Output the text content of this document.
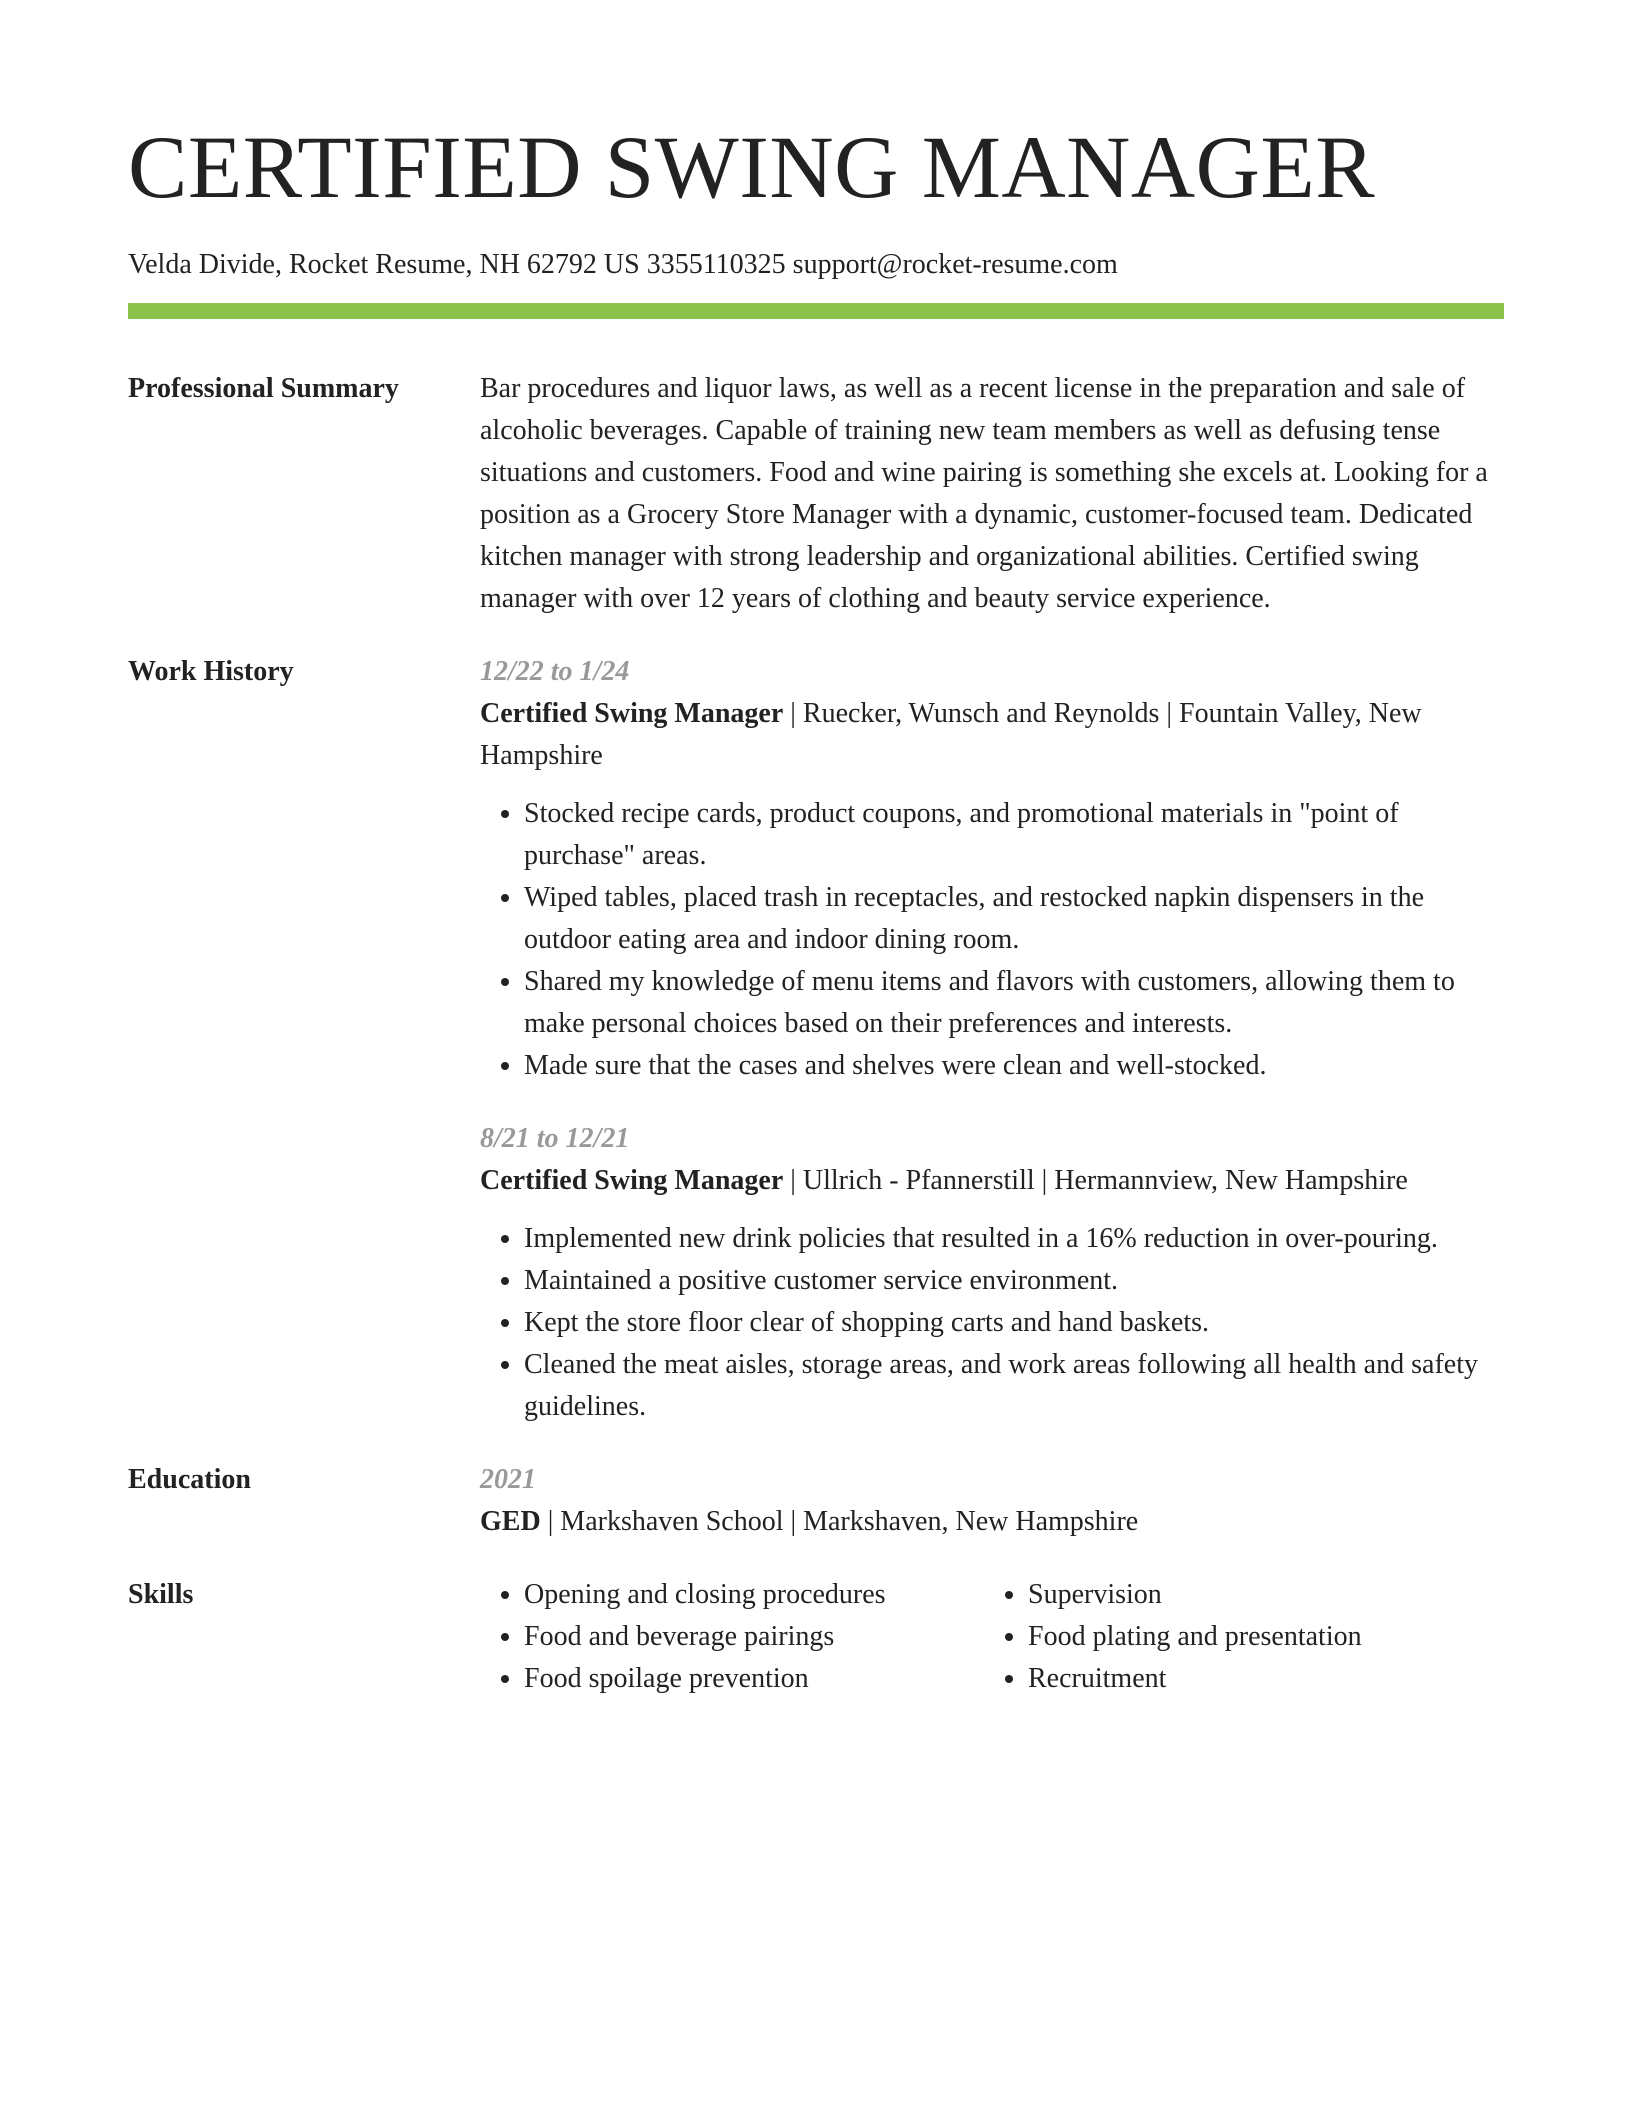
CERTIFIED SWING MANAGER
Velda Divide, Rocket Resume, NH 62792 US 3355110325 support@rocket-resume.com
Professional Summary	Bar procedures and liquor laws, as well as a recent license in the preparation and sale of alcoholic beverages. Capable of training new team members as well as defusing tense situations and customers. Food and wine pairing is something she excels at. Looking for a position as a Grocery Store Manager with a dynamic, customer-focused team. Dedicated kitchen manager with strong leadership and organizational abilities. Certified swing manager with over 12 years of clothing and beauty service experience.
Work History	12/22 to 1/24
Certified Swing Manager | Ruecker, Wunsch and Reynolds | Fountain Valley, New Hampshire
• Stocked recipe cards, product coupons, and promotional materials in "point of purchase" areas.
• Wiped tables, placed trash in receptacles, and restocked napkin dispensers in the outdoor eating area and indoor dining room.
• Shared my knowledge of menu items and flavors with customers, allowing them to make personal choices based on their preferences and interests.
• Made sure that the cases and shelves were clean and well-stocked.
8/21 to 12/21
Certified Swing Manager | Ullrich - Pfannerstill | Hermannview, New Hampshire
• Implemented new drink policies that resulted in a 16% reduction in over-pouring.
• Maintained a positive customer service environment.
• Kept the store floor clear of shopping carts and hand baskets.
• Cleaned the meat aisles, storage areas, and work areas following all health and safety guidelines.
Education	2021
GED | Markshaven School | Markshaven, New Hampshire
Skills
•	Opening and closing procedures
• Food and beverage pairings
• Food spoilage prevention
• Supervision
• Food plating and presentation
• Recruitment
